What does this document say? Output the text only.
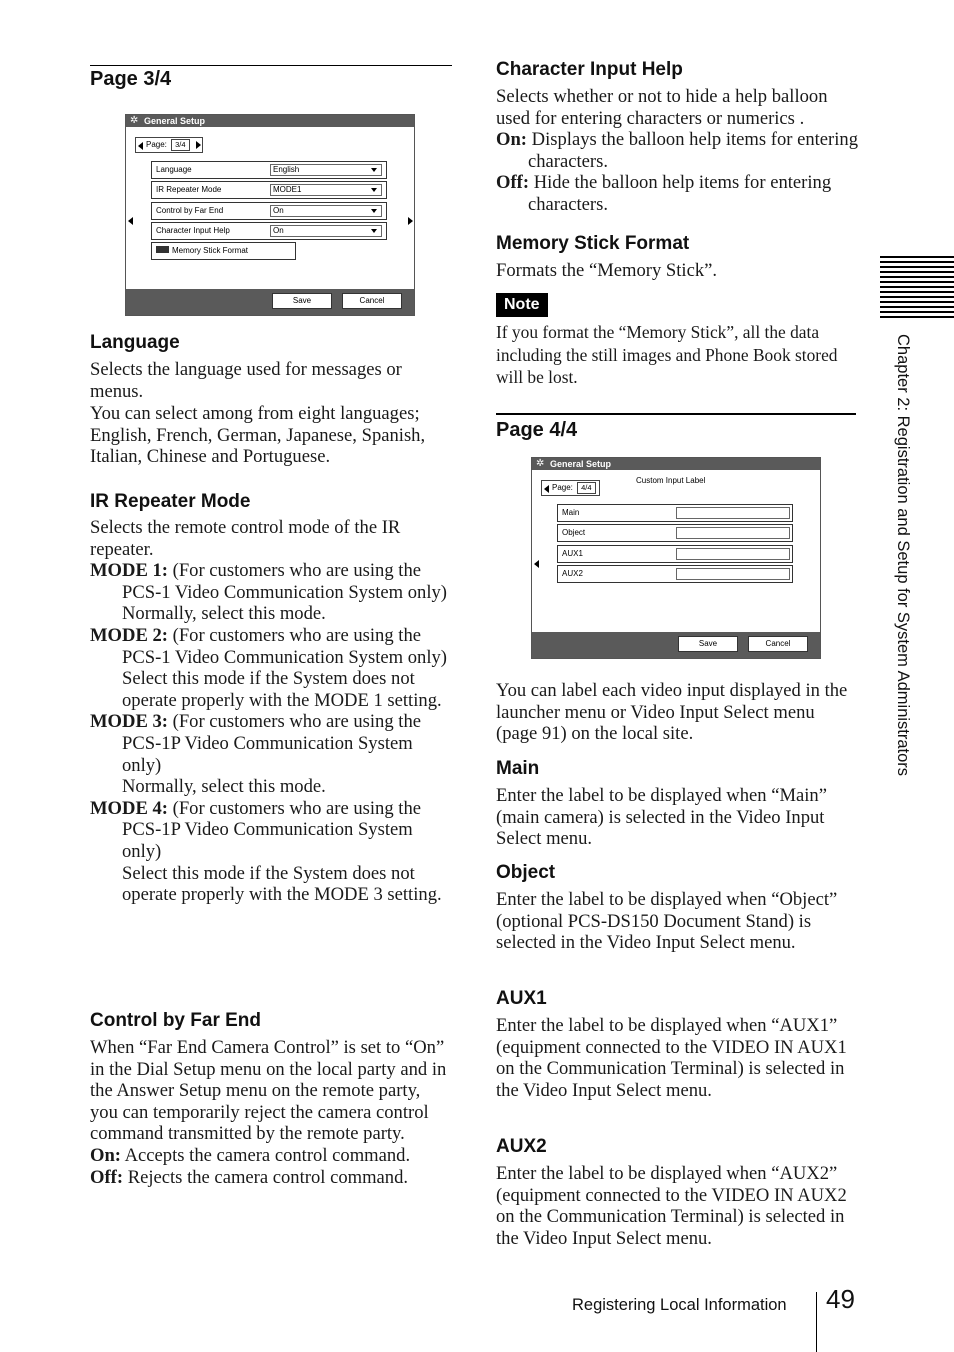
Page 3/4
✲ General Setup
Page: 3/4
Language	English
IR Repeater Mode	MODE1
Control by Far End	On
Character Input Help	On
Memory Stick Format
Save	Cancel
Language

Selects the language used for messages or menus.

You can select among from eight languages; English, French, German, Japanese, Spanish, Italian, Chinese and Portuguese.

IR Repeater Mode

Selects the remote control mode of the IR repeater.

MODE 1: (For customers who are using the PCS-1 Video Communication System only)
Normally, select this mode.
MODE 2: (For customers who are using the PCS-1 Video Communication System only)
Select this mode if the System does not operate properly with the MODE 1 setting.
MODE 3: (For customers who are using the PCS-1P Video Communication System only)
Normally, select this mode.
MODE 4: (For customers who are using the PCS-1P Video Communication System only)
Select this mode if the System does not operate properly with the MODE 3 setting.
Control by Far End

When “Far End Camera Control” is set to “On” in the Dial Setup menu on the local party and in the Answer Setup menu on the remote party, you can temporarily reject the camera control command transmitted by the remote party.

On: Accepts the camera control command.
Off: Rejects the camera control command.
Character Input Help

Selects whether or not to hide a help balloon used for entering characters or numerics .

On: Displays the balloon help items for entering characters.
Off: Hide the balloon help items for entering characters.
Memory Stick Format
Formats the “Memory Stick”.
Note
If you format the “Memory Stick”, all the data including the still images and Phone Book stored will be lost.
Page 4/4
✲ General Setup
Page: 4/4
Custom Input Label
Main
Object
AUX1
AUX2
Save	Cancel
You can label each video input displayed in the launcher menu or Video Input Select menu (page 91) on the local site.
Main
Enter the label to be displayed when “Main” (main camera) is selected in the Video Input Select menu.
Object
Enter the label to be displayed when “Object” (optional PCS-DS150 Document Stand) is selected in the Video Input Select menu.
AUX1
Enter the label to be displayed when “AUX1” (equipment connected to the VIDEO IN AUX1 on the Communication Terminal) is selected in the Video Input Select menu.
AUX2
Enter the label to be displayed when “AUX2” (equipment connected to the VIDEO IN AUX2 on the Communication Terminal) is selected in the Video Input Select menu.
Chapter 2: Registration and Setup for System Administrators
Registering Local Information 49
